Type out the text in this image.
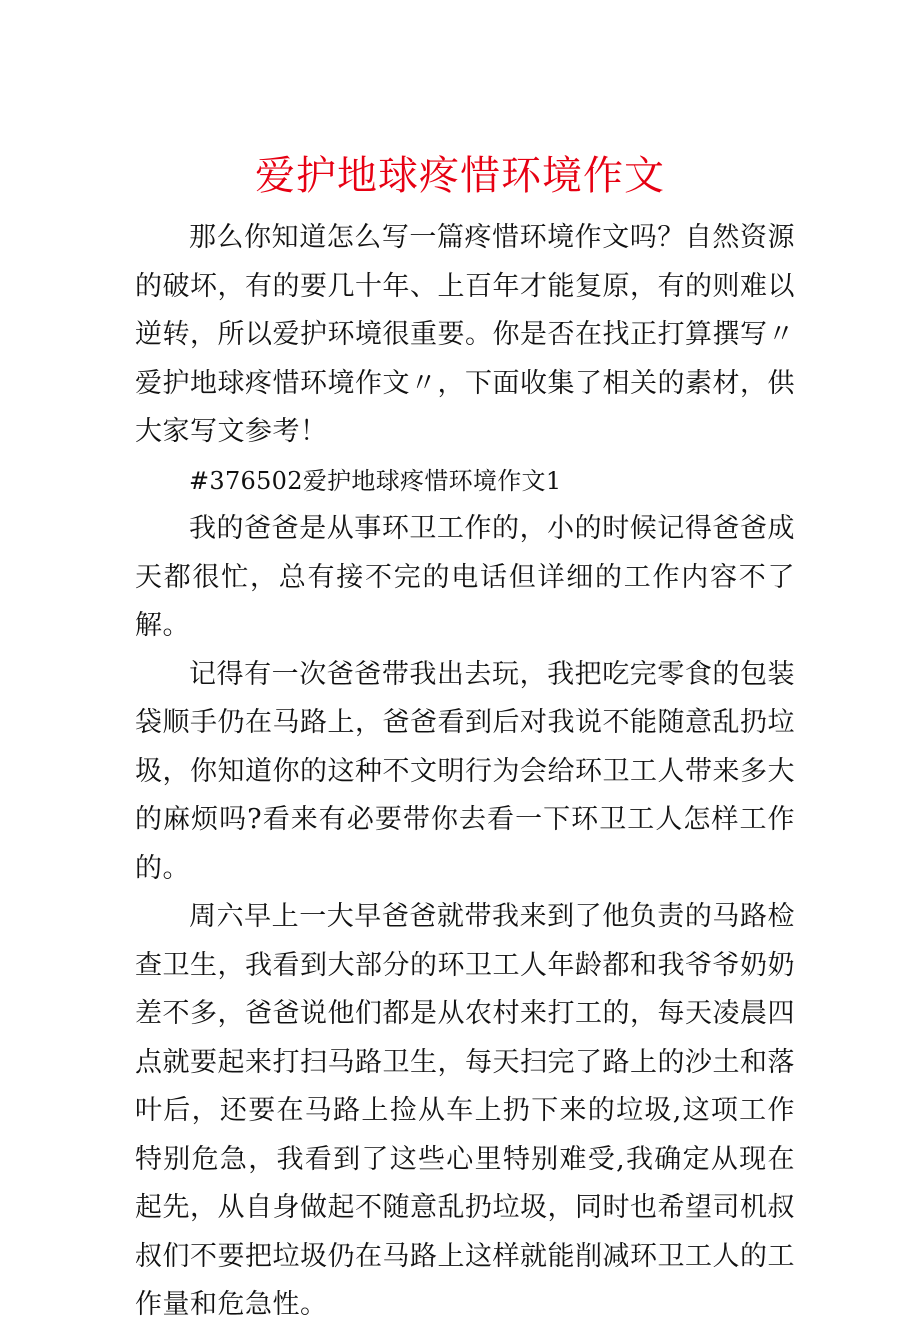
爱护地球疼惜环境作文

那么你知道怎么写一篇疼惜环境作文吗？自然资源的破坏，有的要几十年、上百年才能复原，有的则难以逆转，所以爱护环境很重要。你是否在找正打算撰写〃爱护地球疼惜环境作文〃，下面收集了相关的素材，供大家写文参考！

#376502爱护地球疼惜环境作文1

我的爸爸是从事环卫工作的，小的时候记得爸爸成天都很忙，总有接不完的电话但详细的工作内容不了解。

记得有一次爸爸带我出去玩，我把吃完零食的包装袋顺手仍在马路上，爸爸看到后对我说不能随意乱扔垃圾，你知道你的这种不文明行为会给环卫工人带来多大的麻烦吗?看来有必要带你去看一下环卫工人怎样工作的。

周六早上一大早爸爸就带我来到了他负责的马路检查卫生，我看到大部分的环卫工人年龄都和我爷爷奶奶差不多，爸爸说他们都是从农村来打工的，每天凌晨四点就要起来打扫马路卫生，每天扫完了路上的沙土和落叶后，还要在马路上捡从车上扔下来的垃圾,这项工作特别危急，我看到了这些心里特别难受,我确定从现在起先，从自身做起不随意乱扔垃圾，同时也希望司机叔叔们不要把垃圾仍在马路上这样就能削减环卫工人的工作量和危急性。
